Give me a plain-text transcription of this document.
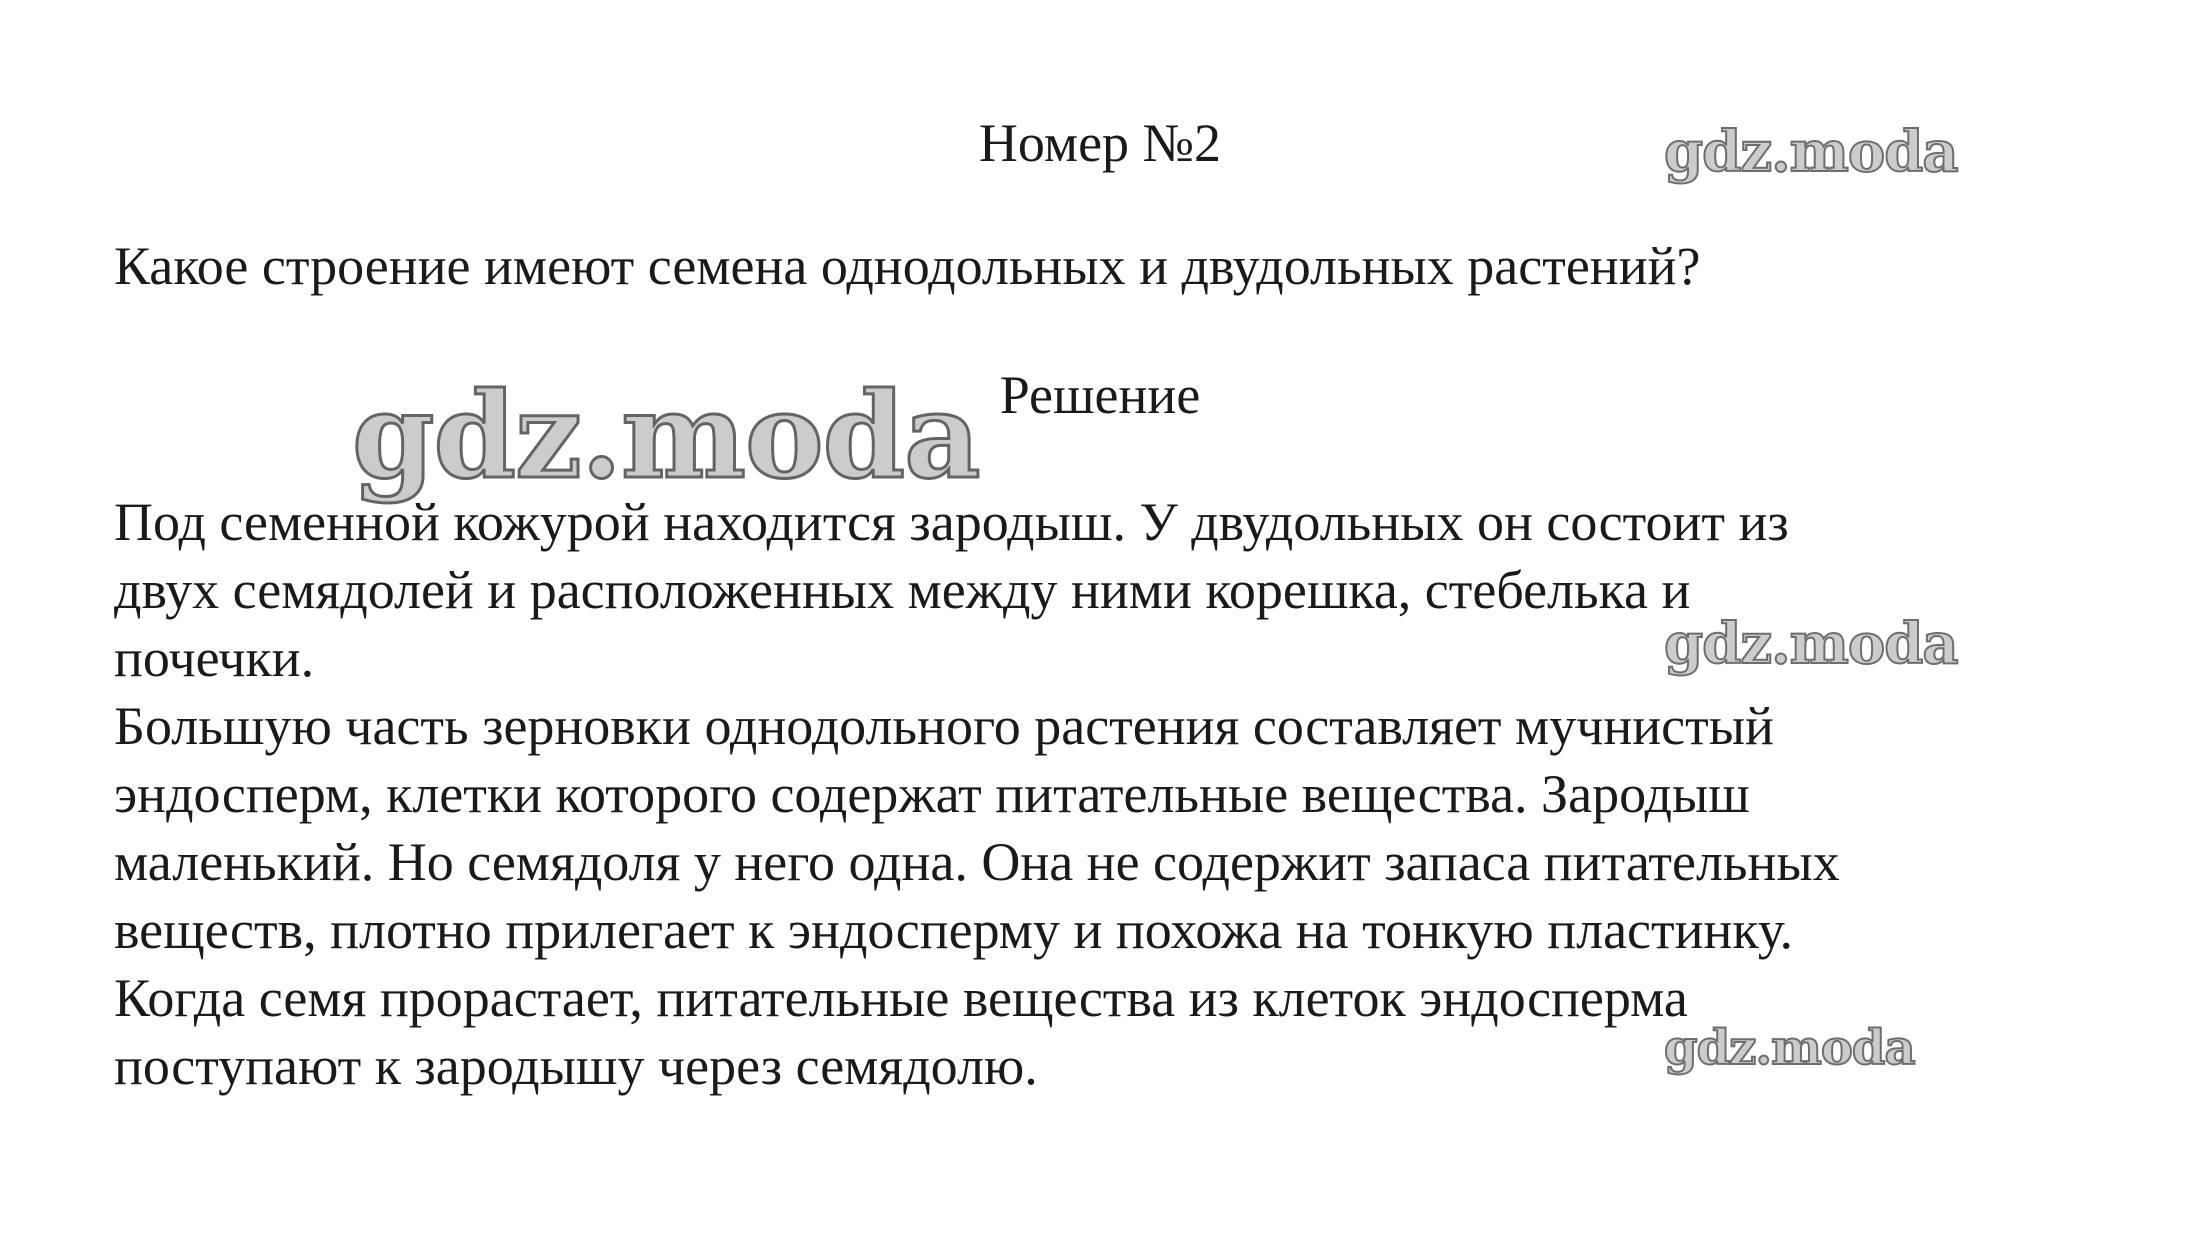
Номер №2

Какое строение имеют семена однодольных и двудольных растений?

Решение
Под семенной кожурой находится зародыш. У двудольных он состоит из
двух семядолей и расположенных между ними корешка, стебелька и
почечки.
Большую часть зерновки однодольного растения составляет мучнистый
эндосперм, клетки которого содержат питательные вещества. Зародыш
маленький. Но семядоля у него одна. Она не содержит запаса питательных
веществ, плотно прилегает к эндосперму и похожа на тонкую пластинку.
Когда семя прорастает, питательные вещества из клеток эндосперма
поступают к зародышу через семядолю.
gdz.moda
gdz.moda
gdz.moda
gdz.moda
